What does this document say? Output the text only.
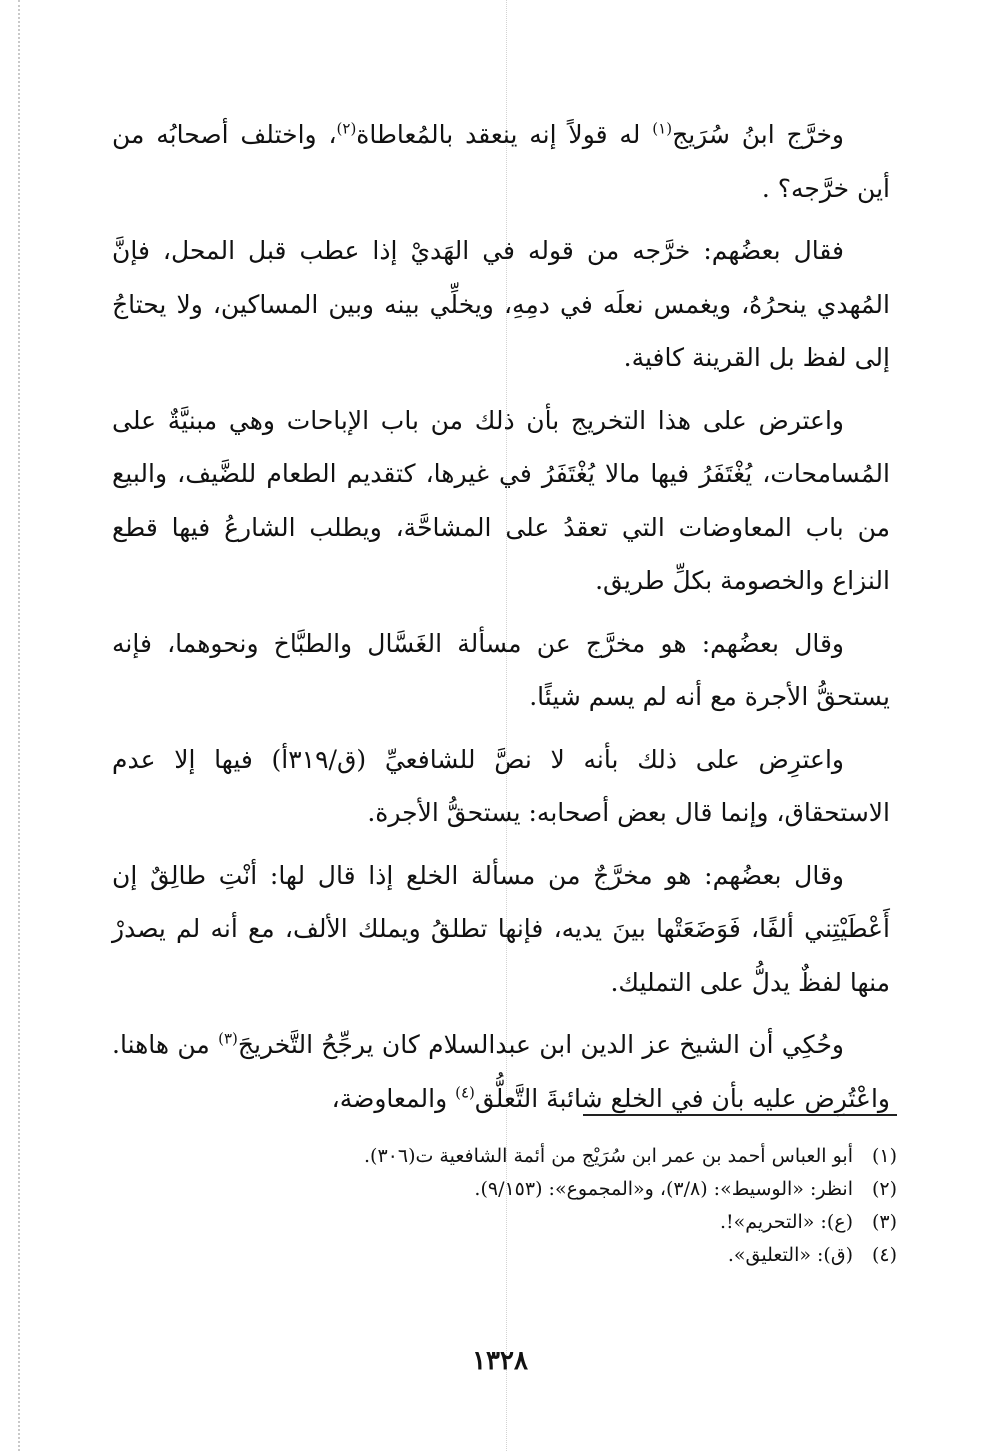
وخرَّج ابنُ سُرَيج$^{(١)}$ له قولاً إنه ينعقد بالمُعاطاة$^{(٢)}$، واختلف أصحابُه من أين خرَّجه؟ .

فقال بعضُهم: خرَّجه من قوله في الهَديْ إذا عطب قبل المحل، فإنَّ المُهدي ينحرُهُ، ويغمس نعلَه في دمِهِ، ويخلِّي بينه وبين المساكين، ولا يحتاجُ إلى لفظ بل القرينة كافية.

واعترض على هذا التخريج بأن ذلك من باب الإباحات وهي مبنيَّةٌ على المُسامحات، يُغْتَفَرُ فيها مالا يُغْتَفَرُ في غيرها، كتقديم الطعام للضَّيف، والبيع من باب المعاوضات التي تعقدُ على المشاحَّة، ويطلب الشارعُ فيها قطع النزاع والخصومة بكلِّ طريق.

وقال بعضُهم: هو مخرَّج عن مسألة الغَسَّال والطبَّاخ ونحوهما، فإنه يستحقُّ الأجرة مع أنه لم يسم شيئًا.

واعترِض على ذلك بأنه لا نصَّ للشافعيِّ (ق/٣١٩أ) فيها إلا عدم الاستحقاق، وإنما قال بعض أصحابه: يستحقُّ الأجرة.

وقال بعضُهم: هو مخرَّجٌ من مسألة الخلع إذا قال لها: أنْتِ طالِقٌ إن أَعْطَيْتِني ألفًا، فَوَضَعَتْها بينَ يديه، فإنها تطلقُ ويملك الألف، مع أنه لم يصدرْ منها لفظٌ يدلُّ على التمليك.

وحُكِي أن الشيخ عز الدين ابن عبدالسلام كان يرجِّحُ التَّخريجَ$^{(٣)}$ من هاهنا. واعْتُرِض عليه بأن في الخلع شائبةَ التَّعلُّق$^{(٤)}$ والمعاوضة،

(١)
أبو العباس أحمد بن عمر ابن سُرَيْج من أئمة الشافعية ت(٣٠٦).
(٢)
انظر: «الوسيط»: (٣/٨)، و«المجموع»: (٩/١٥٣).
(٣)
(ع): «التحريم»!.
(٤)
(ق): «التعليق».
١٣٢٨
